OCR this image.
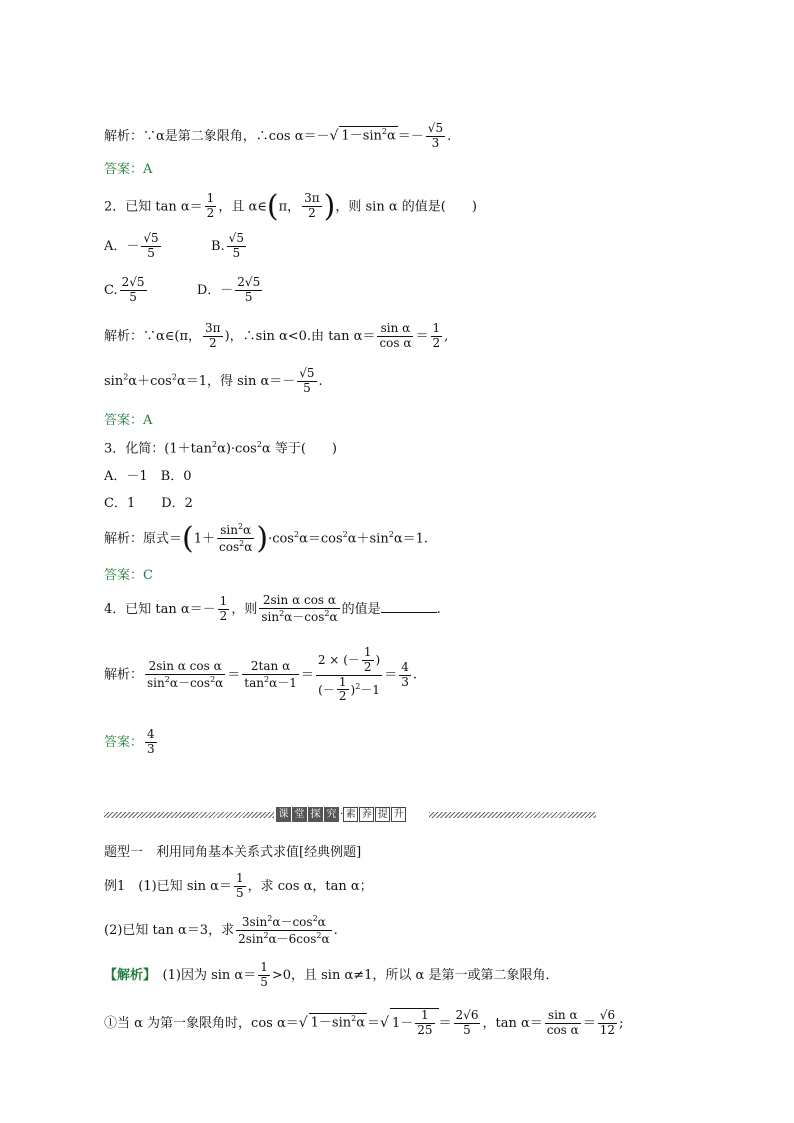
解析：∵α是第二象限角，∴cos α＝－√ $1-\sin^2\alpha =- \frac{√5}{3}$ .
答案：A
2．已知 $\tan \alpha= \frac{1}{2}$ ，且 α∈(π， $\frac{3\pi}{2}$ )，则 sin α 的值是(　　)
A．－ $\frac{√5}{5}$	B. $\frac{√5}{5}$
C. $\frac{2√5}{5}$	D．－ $\frac{2√5}{5}$
解析：∵α∈(π， $\frac{3\pi}{2}$ )，∴sin α<0.由 $\tan \alpha= \frac{\text{sin α}}{\text{cos α}} = \frac{1}{2}$ ,
$\sin^2\alpha+\cos^2\alpha=1$，得 $\sin \alpha=- \frac{√5}{5}$ .
答案：A
3．化简：$(1+\tan^2\alpha)\cdot\cos^2\alpha$ 等于(　　)
A．－1　B．0
C．1　　D．2
解析：原式$=(1+ \frac{\sin^2\alpha}{\cos^2\alpha} )\cdot\cos^2\alpha=\cos^2\alpha+\sin^2\alpha=1$.
答案：C
4．已知 $\tan \alpha=- \frac{1}{2}$ ，则 $\frac{\text{2sin α cos α}}{\sin^2\alpha-\cos^2\alpha}$ 的值是	.
解析： $\frac{\text{2sin α cos α}}{\sin^2\alpha-\cos^2\alpha} = \frac{\text{2tan α}}{\tan^2\alpha-1} = \frac{2 \times (- \frac{1}{2} )}{(- \frac{1}{2} )^2-1} = \frac{4}{3}$ .
答案： $\frac{4}{3}$
课 堂 探 究 · 素 养 提 升
题型一　利用同角基本关系式求值[经典例题]
例1　(1)已知 $\sin \alpha= \frac{1}{5}$ ，求 cos α，tan α；
(2)已知 tan α＝3，求 $\frac{3\sin^2\alpha-\cos^2\alpha}{2\sin^2\alpha-6\cos^2\alpha}$ .
【解析】　 (1)因为 $\sin \alpha= \frac{1}{5} >0$，且 sin α≠1，所以 α 是第一或第二象限角．
①当 α 为第一象限角时，cos α＝√ $1-\sin^2\alpha$ ＝√ $1- \frac{1}{25} = \frac{2√6}{5}$ ，$\tan \alpha= \frac{\text{sin α}}{\text{cos α}} = \frac{√6}{12}$ ;
